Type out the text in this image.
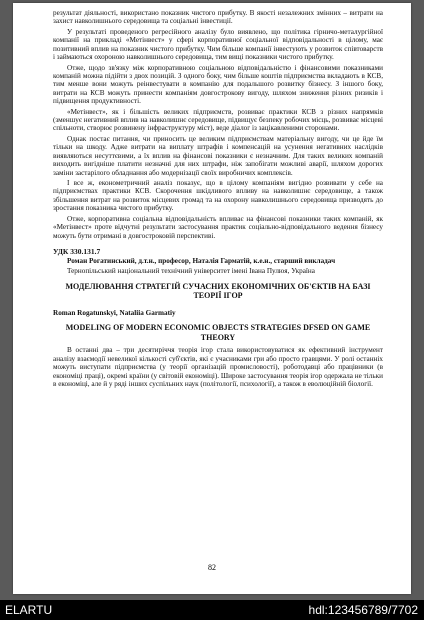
результат діяльності, використано показник чистого прибутку. В якості незалежних змінних – витрати на захист навколишнього середовища та соціальні інвестиції.

У результаті проведеного регресійного аналізу було виявлено, що політика гірничо-металургійної компанії на прикладі «Метінвест» у сфері корпоративної соціальної відповідальності в цілому, має позитивний вплив на показник чистого прибутку. Чим більше компанії інвестують у розвиток співтоварств і займаються охороною навколишнього середовища, тим вищі показники чистого прибутку.

Отже, щодо зв'язку між корпоративною соціальною відповідальністю і фінансовими показниками компаній можна підійти з двох позицій. З одного боку, чим більше коштів підприємства вкладають в КСВ, тим менше вони можуть реінвестувати в компанію для подальшого розвитку бізнесу. З іншого боку, витрати на КСВ можуть принести компаніям довгострокову вигоду, шляхом зниження різних ризиків і підвищення продуктивності.

«Метінвест», як і більшість великих підприємств, розвиває практики КСВ з різних напрямків (зменшує негативний вплив на навколишнє середовище, підвищує безпеку робочих місць, розвиває місцеві спільноти, створює розвинену інфраструктуру міст), веде діалог із зацікавленими сторонами.

Однак постає питання, чи приносить це великим підприємствам матеріальну вигоду, чи це йде їм тільки на шкоду. Адже витрати на виплату штрафів і компенсацій на усунення негативних наслідків виявляються несуттєвими, а їх вплив на фінансові показники є незначним. Для таких великих компаній виходить вигідніше платити незначні для них штрафи, ніж запобігати можливі аварії, шляхом дорогих заміни застарілого обладнання або модернізації своїх виробничих комплексів.

І все ж, економетричний аналіз показує, що в цілому компаніям вигідно розвивати у себе на підприємствах практики КСВ. Скорочення шкідливого впливу на навколишнє середовище, а також збільшення витрат на розвиток місцевих громад та на охорону навколишнього середовища призводять до зростання показника чистого прибутку.

Отже, корпоративна соціальна відповідальність впливає на фінансові показники таких компаній, як «Метінвест» проте відчутні результати застосування практик соціально-відповідального ведення бізнесу можуть бути отримані в довгостроковій перспективі.

УДК 330.131.7

Роман Рогатинський, д.т.н., професор, Наталія Гарматій, к.е.н., старший викладач

Тернопільський національний технічний університет імені Івана Пулюя, Україна

МОДЕЛЮВАННЯ СТРАТЕГІЙ СУЧАСНИХ ЕКОНОМІЧНИХ ОБ'ЄКТІВ НА БАЗІ ТЕОРІЇ ІГОР
Roman Rogatunskyi, Nataliia Garmatiy
MODELING OF MODERN ECONOMIC OBJECTS STRATEGIES DFSED ON GAME THEORY

В останні два – три десятиріччя теорія ігор стала використовуватися як ефективний інструмент аналізу взаємодії невеликої кількості суб'єктів, які є учасниками гри або просто гравцями. У ролі останніх можуть виступати підприємства (у теорії організацій промисловості), роботодавці або працівники (в економіці праці), окремі країни (у світовій економіці). Широке застосування теорія ігор одержала не тільки в економіці, але й у ряді інших суспільних наук (політології, психології), а також в еволюційній біології.

82
ELARTU	hdl:123456789/7702
